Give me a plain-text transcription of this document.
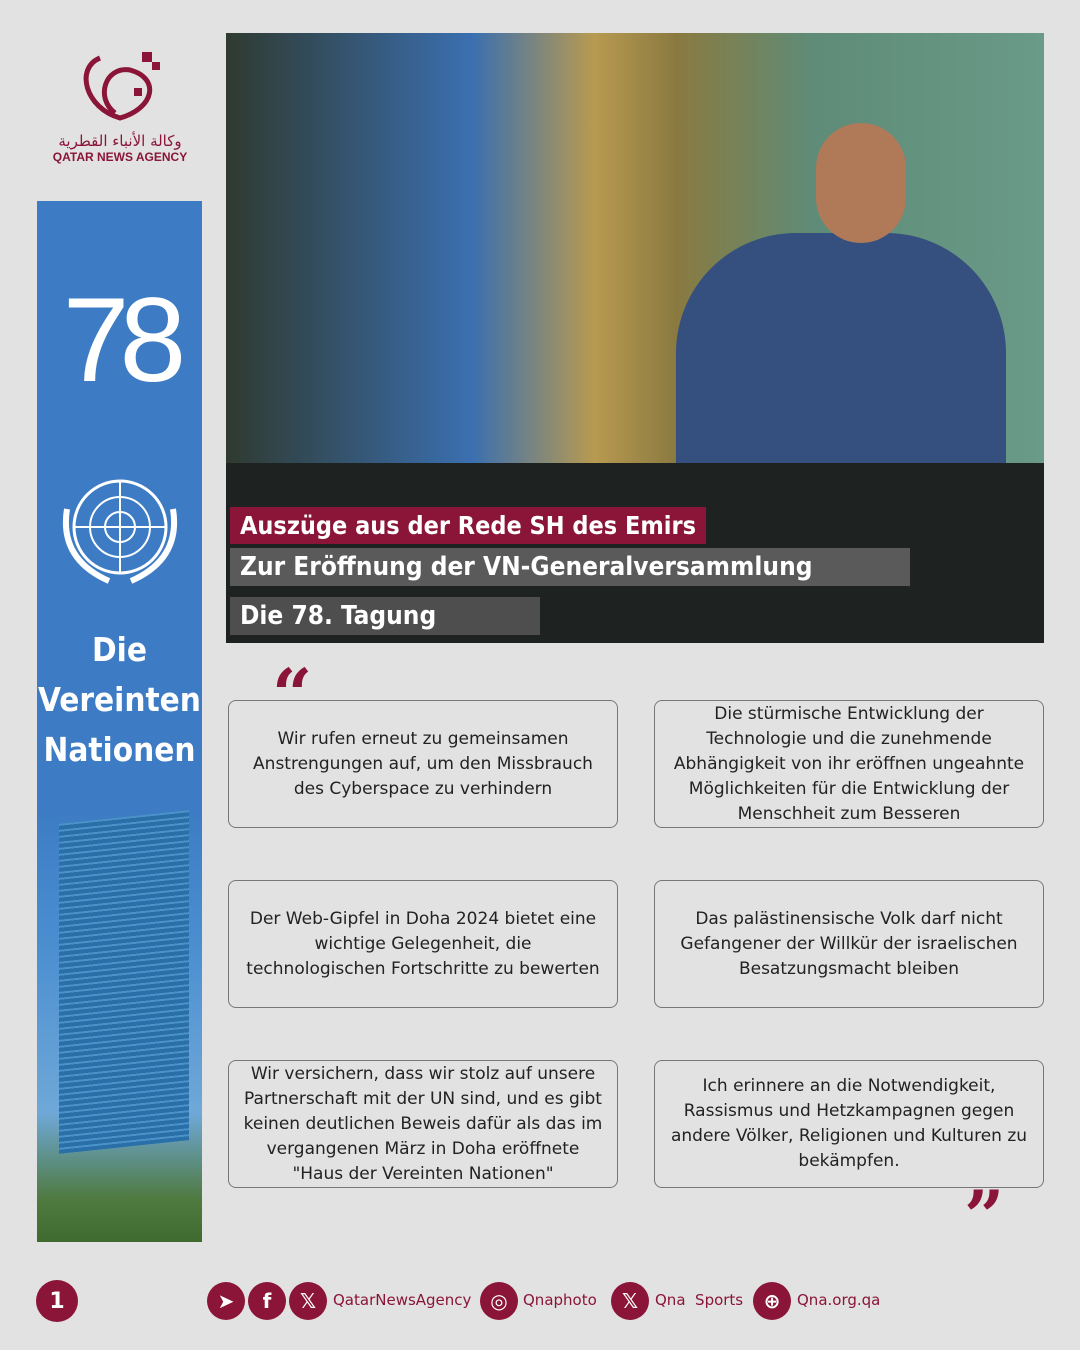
وكالة الأنباء القطرية
QATAR NEWS AGENCY
78
Die
Vereinten
Nationen
Auszüge aus der Rede SH des Emirs
Zur Eröffnung der VN-Generalversammlung
Die 78. Tagung
“
Wir rufen erneut zu gemeinsamen Anstrengungen auf, um den Missbrauch des Cyberspace zu verhindern
Die stürmische Entwicklung der Technologie und die zunehmende Abhängigkeit von ihr eröffnen ungeahnte Möglichkeiten für die Entwicklung der Menschheit zum Besseren
Der Web-Gipfel in Doha 2024 bietet eine wichtige Gelegenheit, die technologischen Fortschritte zu bewerten
Das palästinensische Volk darf nicht Gefangener der Willkür der israelischen Besatzungsmacht bleiben
Wir versichern, dass wir stolz auf unsere Partnerschaft mit der UN sind, und es gibt keinen deutlichen Beweis dafür als das im vergangenen März in Doha eröffnete "Haus der Vereinten Nationen"
Ich erinnere an die Notwendigkeit, Rassismus und Hetzkampagnen gegen andere Völker, Religionen und Kulturen zu bekämpfen.
”
1	➤	f	𝕏	QatarNewsAgency ◎	Qnaphoto	𝕏	Qna  Sports	⊕	Qna.org.qa
